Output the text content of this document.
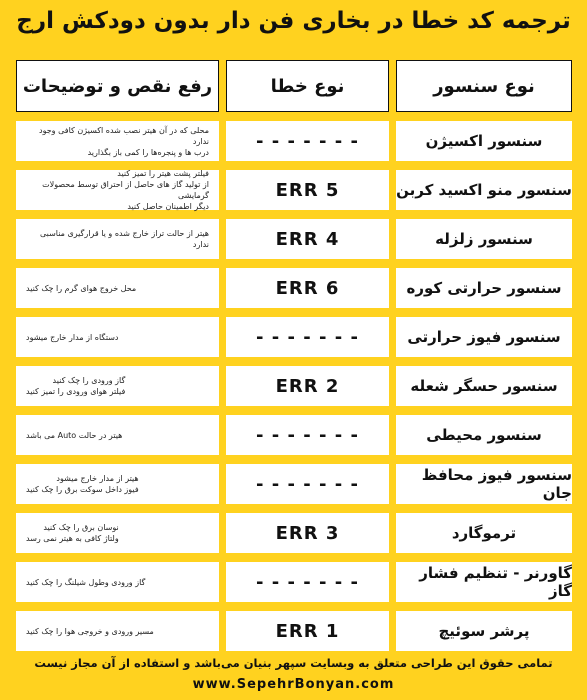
ترجمه کد خطا در بخاری فن دار بدون دودکش ارج
نوع سنسور
نوع خطا
رفع نقص و توضیحات
سنسور اکسیژن
- - - - - - -
محلی که در آن هیتر نصب شده اکسیژن کافی وجود ندارد
درب ها و پنجره‌ها را کمی باز بگذارید
سنسور منو اکسید کربن
ERR 5
فیلتر پشت هیتر را تمیز کنید
از تولید گاز های حاصل از احتراق توسط محصولات گرمایشی
دیگر اطمینان حاصل کنید
سنسور زلزله
ERR 4
هیتر از حالت تراز خارج شده و یا قرارگیری مناسبی ندارد
سنسور حرارتی کوره
ERR 6
محل خروج هوای گرم را چک کنید
سنسور فیوز حرارتی
- - - - - - -
دستگاه از مدار خارج میشود
سنسور حسگر شعله
ERR 2
گاز ورودی را چک کنید
فیلتر هوای ورودی را تمیز کنید
سنسور محیطی
- - - - - - -
هیتر در حالت Auto می باشد
سنسور فیوز محافظ جان
- - - - - - -
هیتر از مدار خارج میشود
فیوز داخل سوکت برق را چک کنید
ترموگارد
ERR 3
نوسان برق را چک کنید
ولتاژ کافی به هیتر نمی رسد
گاورنر - تنظیم فشار گاز
- - - - - - -
گاز ورودی وطول شیلنگ را چک کنید
پرشر سوئیچ
ERR 1
مسیر ورودی و خروجی هوا را چک کنید
تمامی حقوق این طراحی متعلق به وبسایت سپهر بنیان می‌باشد و استفاده از آن مجاز نیست
www.SepehrBonyan.com
